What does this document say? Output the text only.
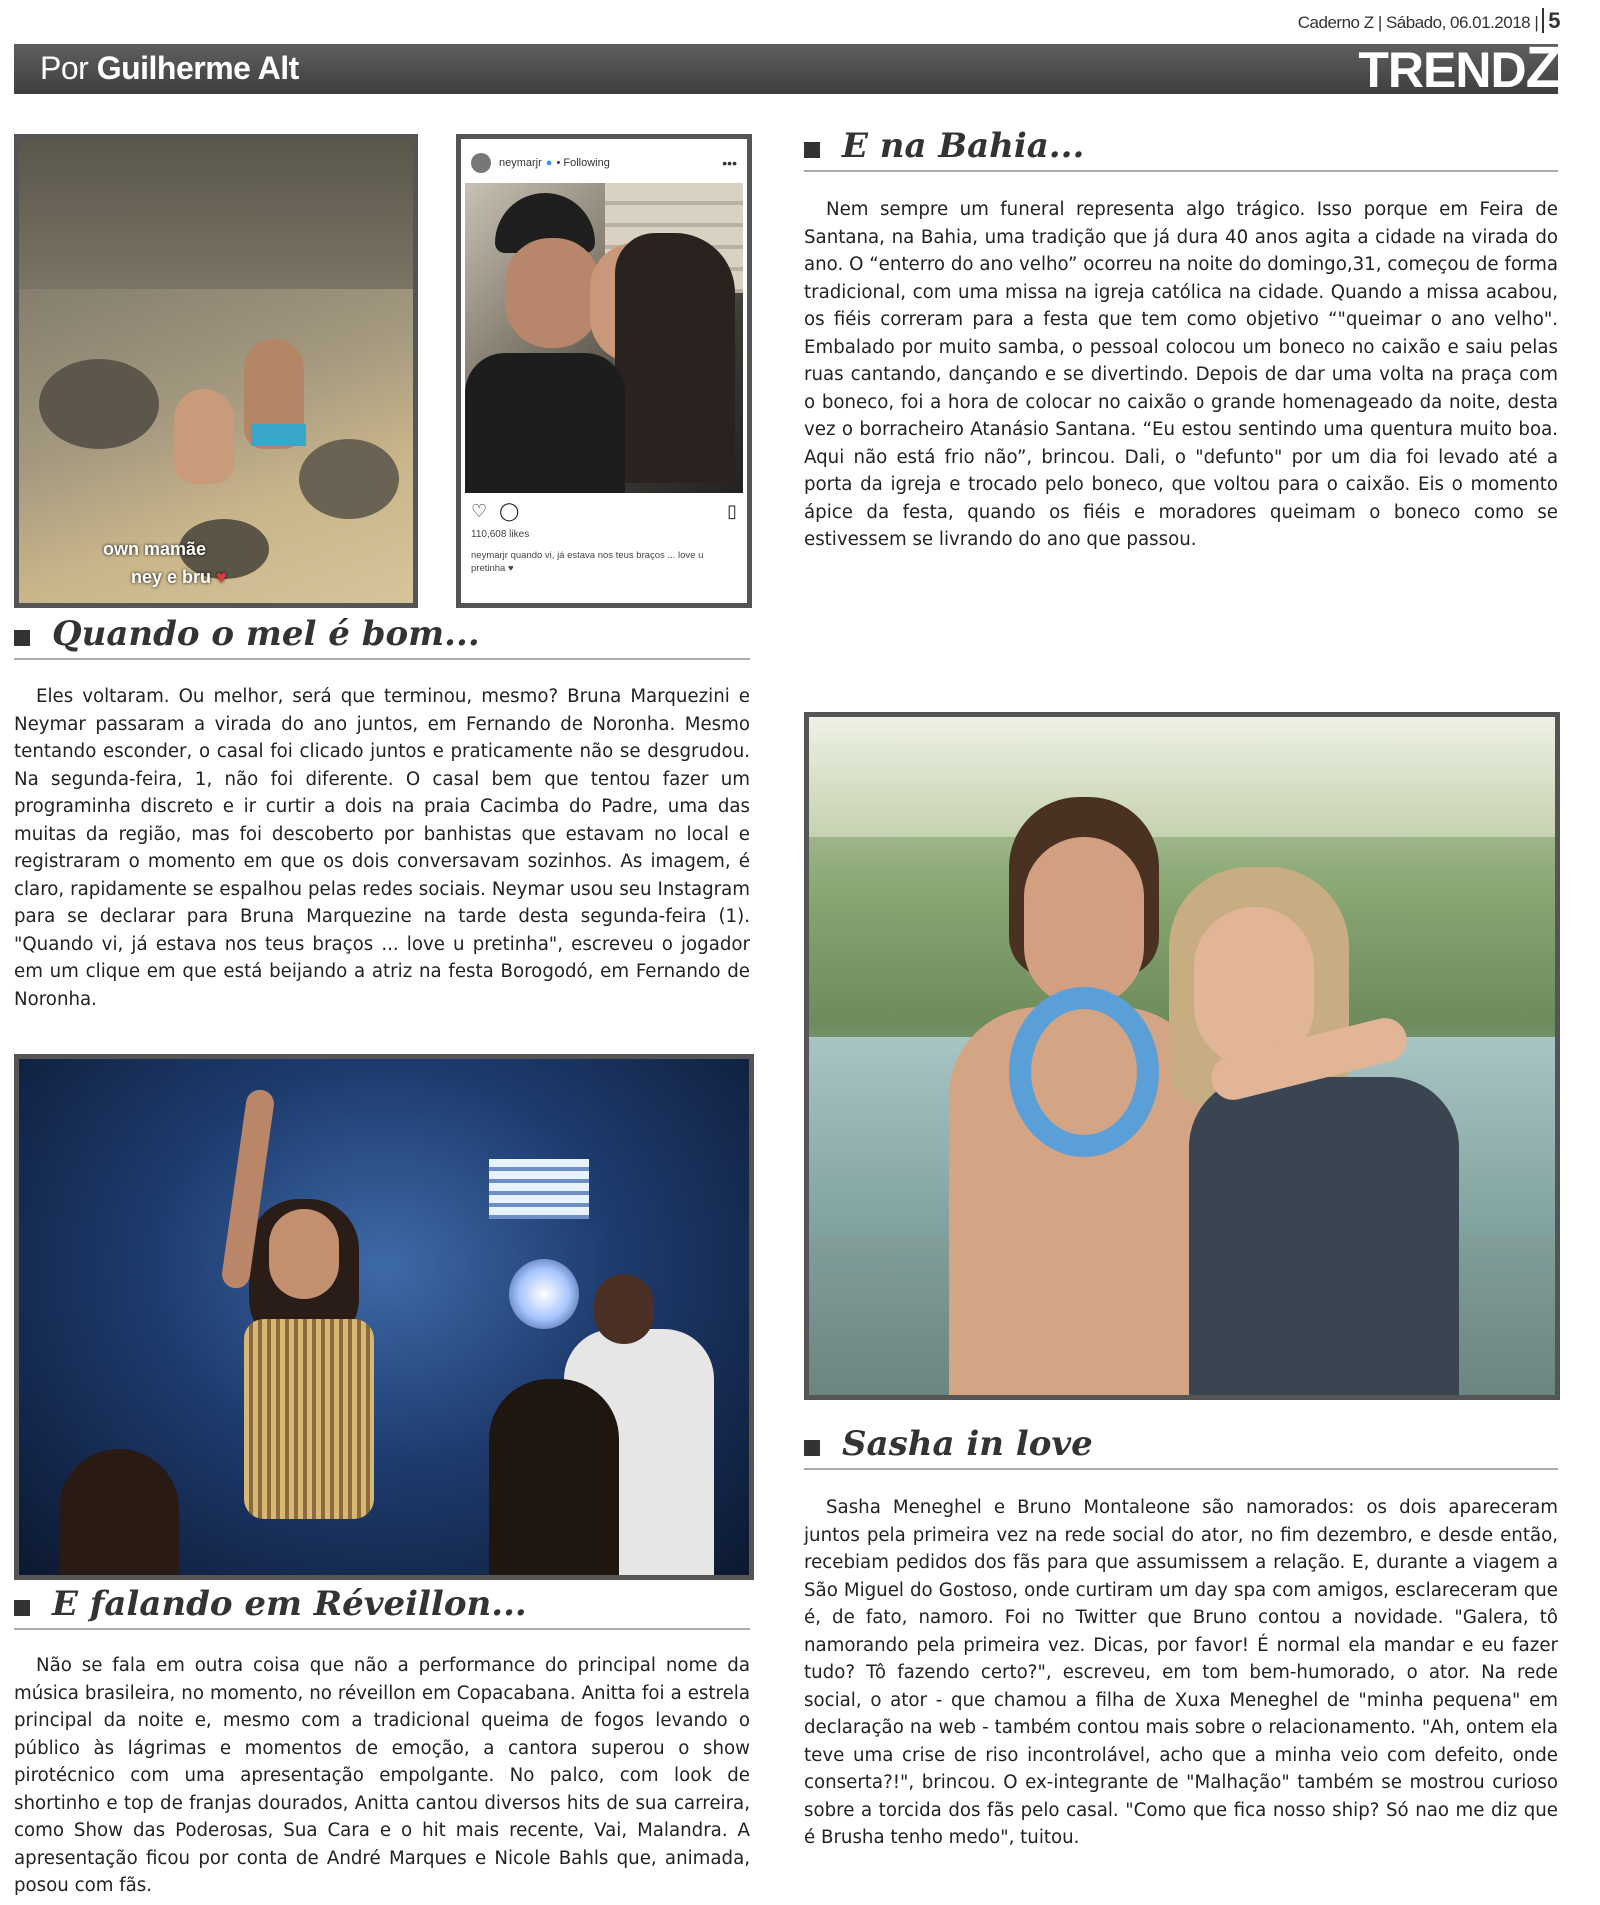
Caderno Z | Sábado, 06.01.2018 | 5
Por Guilherme Alt	TRENDZ
own mamãe
ney e bru ♥
neymarjr ● • Following	•••
♡ ◯	▯
110,608 likes
neymarjr quando vi, já estava nos teus braços ... love u pretinha ♥
Quando o mel é bom...
Eles voltaram. Ou melhor, será que terminou, mesmo? Bruna Marquezini e Neymar passaram a virada do ano juntos, em Fernando de Noronha. Mesmo tentando esconder, o casal foi clicado juntos e praticamente não se desgrudou. Na segunda-feira, 1, não foi diferente. O casal bem que tentou fazer um programinha discreto e ir curtir a dois na praia Cacimba do Padre, uma das muitas da região, mas foi descoberto por banhistas que estavam no local e registraram o momento em que os dois conversavam sozinhos. As imagem, é claro, rapidamente se espalhou pelas redes sociais. Neymar usou seu Instagram para se declarar para Bruna Marquezine na tarde desta segunda-feira (1). "Quando vi, já estava nos teus braços ... love u pretinha", escreveu o jogador em um clique em que está beijando a atriz na festa Borogodó, em Fernando de Noronha.
E falando em Réveillon...
Não se fala em outra coisa que não a performance do principal nome da música brasileira, no momento, no réveillon em Copacabana. Anitta foi a estrela principal da noite e, mesmo com a tradicional queima de fogos levando o público às lágrimas e momentos de emoção, a cantora superou o show pirotécnico com uma apresentação empolgante. No palco, com look de shortinho e top de franjas dourados, Anitta cantou diversos hits de sua carreira, como Show das Poderosas, Sua Cara e o hit mais recente, Vai, Malandra. A apresentação ficou por conta de André Marques e Nicole Bahls que, animada, posou com fãs.
E na Bahia...
Nem sempre um funeral representa algo trágico. Isso porque em Feira de Santana, na Bahia, uma tradição que já dura 40 anos agita a cidade na virada do ano. O “enterro do ano velho” ocorreu na noite do domingo,31, começou de forma tradicional, com uma missa na igreja católica na cidade. Quando a missa acabou, os fiéis correram para a festa que tem como objetivo “"queimar o ano velho". Embalado por muito samba, o pessoal colocou um boneco no caixão e saiu pelas ruas cantando, dançando e se divertindo. Depois de dar uma volta na praça com o boneco, foi a hora de colocar no caixão o grande homenageado da noite, desta vez o borracheiro Atanásio Santana. “Eu estou sentindo uma quentura muito boa. Aqui não está frio não”, brincou. Dali, o "defunto" por um dia foi levado até a porta da igreja e trocado pelo boneco, que voltou para o caixão. Eis o momento ápice da festa, quando os fiéis e moradores queimam o boneco como se estivessem se livrando do ano que passou.
Sasha in love
Sasha Meneghel e Bruno Montaleone são namorados: os dois apareceram juntos pela primeira vez na rede social do ator, no fim dezembro, e desde então, recebiam pedidos dos fãs para que assumissem a relação. E, durante a viagem a São Miguel do Gostoso, onde curtiram um day spa com amigos, esclareceram que é, de fato, namoro. Foi no Twitter que Bruno contou a novidade. "Galera, tô namorando pela primeira vez. Dicas, por favor! É normal ela mandar e eu fazer tudo? Tô fazendo certo?", escreveu, em tom bem-humorado, o ator. Na rede social, o ator - que chamou a filha de Xuxa Meneghel de "minha pequena" em declaração na web - também contou mais sobre o relacionamento. "Ah, ontem ela teve uma crise de riso incontrolável, acho que a minha veio com defeito, onde conserta?!", brincou. O ex-integrante de "Malhação" também se mostrou curioso sobre a torcida dos fãs pelo casal. "Como que fica nosso ship? Só nao me diz que é Brusha tenho medo", tuitou.
